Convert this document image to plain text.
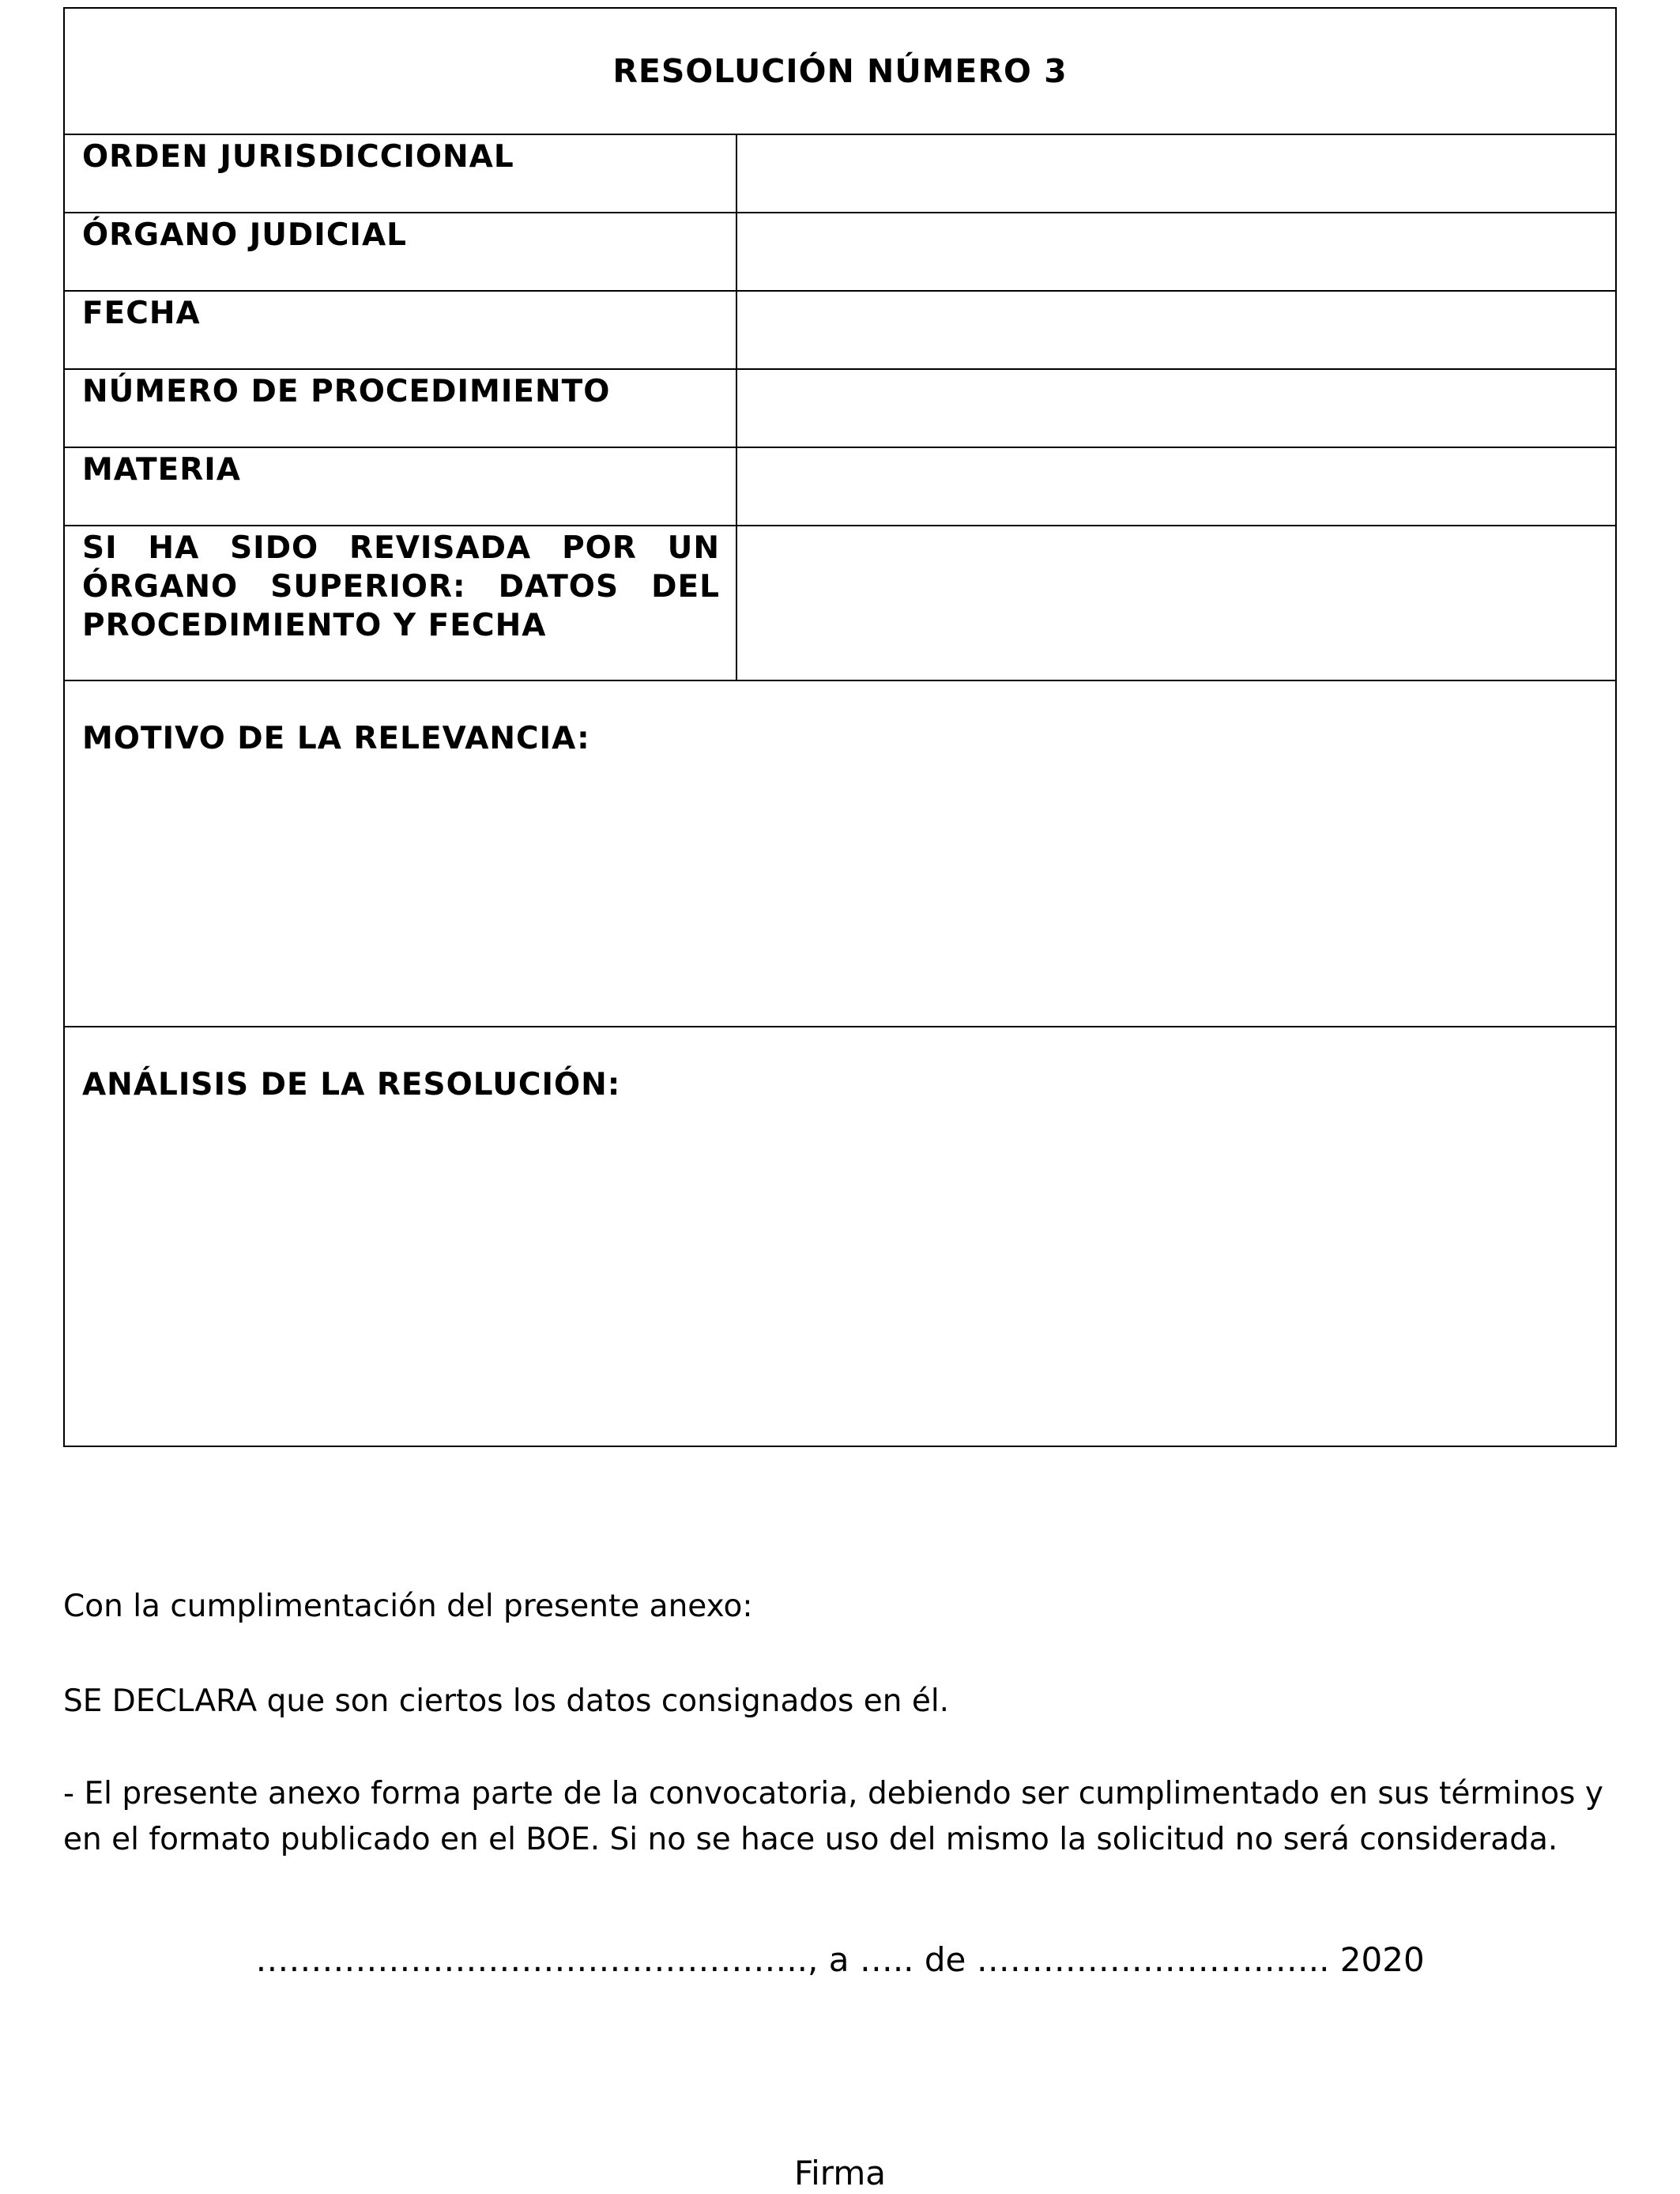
RESOLUCIÓN NÚMERO 3
ORDEN JURISDICCIONAL
ÓRGANO JUDICIAL
FECHA
NÚMERO DE PROCEDIMIENTO
MATERIA
SI HA SIDO REVISADA POR UN ÓRGANO SUPERIOR: DATOS DEL PROCEDIMIENTO Y FECHA
MOTIVO DE LA RELEVANCIA:
ANÁLISIS DE LA RESOLUCIÓN:
Con la cumplimentación del presente anexo:
SE DECLARA que son ciertos los datos consignados en él.
- El presente anexo forma parte de la convocatoria, debiendo ser cumplimentado en sus términos y en el formato publicado en el BOE. Si no se hace uso del mismo la solicitud no será considerada.
………………………………………….., a ….. de ………………………….. 2020
Firma
